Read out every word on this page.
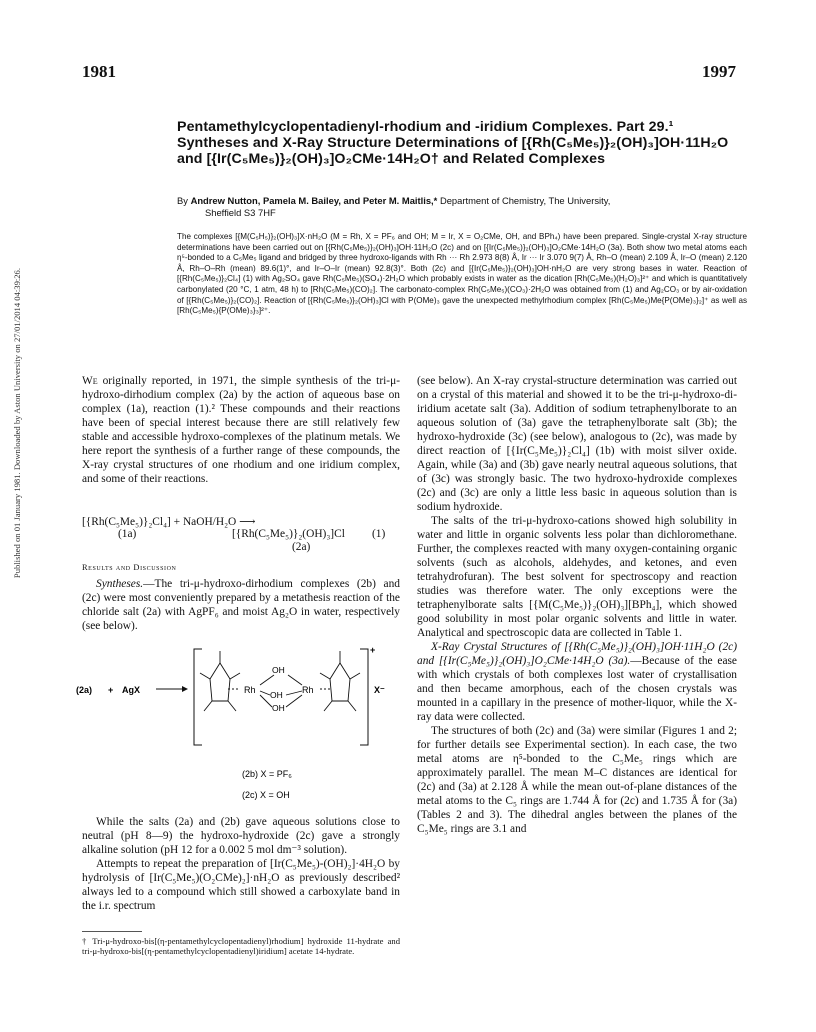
1981	1997
Published on 01 January 1981. Downloaded by Aston University on 27/01/2014 04:39:26.
Pentamethylcyclopentadienyl-rhodium and -iridium Complexes. Part 29.¹ Syntheses and X-Ray Structure Determinations of [{Rh(C₅Me₅)}₂(OH)₃]OH·11H₂O and [{Ir(C₅Me₅)}₂(OH)₃]O₂CMe·14H₂O† and Related Complexes
By Andrew Nutton, Pamela M. Bailey, and Peter M. Maitlis,* Department of Chemistry, The University,
Sheffield S3 7HF

The complexes [{M(C₅H₅)}₂(OH)₃]X·nH₂O (M = Rh, X = PF₆ and OH; M = Ir, X = O₂CMe, OH, and BPh₄) have been prepared. Single-crystal X-ray structure determinations have been carried out on [{Rh(C₅Me₅)}₂(OH)₃]OH·11H₂O (2c) and on [{Ir(C₅Me₅)}₂(OH)₃]O₂CMe·14H₂O (3a). Both show two metal atoms each η⁵-bonded to a C₅Me₅ ligand and bridged by three hydroxo-ligands with Rh ··· Rh 2.973 8(8) Å, Ir ··· Ir 3.070 9(7) Å, Rh–O (mean) 2.109 Å, Ir–O (mean) 2.120 Å, Rh–O–Rh (mean) 89.6(1)°, and Ir–O–Ir (mean) 92.8(3)°. Both (2c) and [{Ir(C₅Me₅)}₂(OH)₃]OH·nH₂O are very strong bases in water. Reaction of [{Rh(C₅Me₅)}₂Cl₄] (1) with Ag₂SO₄ gave Rh(C₅Me₅)(SO₄)·2H₂O which probably exists in water as the dication [Rh(C₅Me₅)(H₂O)₃]²⁺ and which is quantitatively carbonylated (20 °C, 1 atm, 48 h) to [Rh(C₅Me₅)(CO)₂]. The carbonato-complex Rh(C₅Me₅)(CO₃)·2H₂O was obtained from (1) and Ag₂CO₃ or by air-oxidation of [{Rh(C₅Me₅)}₂(CO)₂]. Reaction of [{Rh(C₅Me₅)}₂(OH)₃]Cl with P(OMe)₃ gave the unexpected methylrhodium complex [Rh(C₅Me₅)Me{P(OMe)₃}₂]⁺ as well as [Rh(C₅Me₅){P(OMe)₃}₃]²⁺.

We originally reported, in 1971, the simple synthesis of the tri-μ-hydroxo-dirhodium complex (2a) by the action of aqueous base on complex (1a), reaction (1).² These compounds and their reactions have been of special interest because there are still relatively few stable and accessible hydroxo-complexes of the platinum metals. We here report the synthesis of a further range of these compounds, the X-ray crystal structures of one rhodium and one iridium complex, and some of their reactions.

[{Rh(C₅Me₅)}₂Cl₄] + NaOH/H₂O ⟶
(1a)	[{Rh(C₅Me₅)}₂(OH)₃]Cl (1)
(2a)

Results and Discussion

Syntheses.—The tri-μ-hydroxo-dirhodium complexes (2b) and (2c) were most conveniently prepared by a metathesis reaction of the chloride salt (2a) with AgPF₆ and moist Ag₂O in water, respectively (see below).

(2a) + AgX
+
X⁻
Rh	Rh
OH
OH
OH
(2b) X = PF₆
(2c) X = OH

While the salts (2a) and (2b) gave aqueous solutions close to neutral (pH 8—9) the hydroxo-hydroxide (2c) gave a strongly alkaline solution (pH 12 for a 0.002 5 mol dm⁻³ solution).

Attempts to repeat the preparation of [Ir(C₅Me₅)-(OH)₂]·4H₂O by hydrolysis of [Ir(C₅Me₅)(O₂CMe)₂]·nH₂O as previously described² always led to a compound which still showed a carboxylate band in the i.r. spectrum

† Tri-μ-hydroxo-bis[(η-pentamethylcyclopentadienyl)rhodium] hydroxide 11-hydrate and tri-μ-hydroxo-bis[(η-pentamethylcyclopentadienyl)iridium] acetate 14-hydrate.

(see below). An X-ray crystal-structure determination was carried out on a crystal of this material and showed it to be the tri-μ-hydroxo-di-iridium acetate salt (3a). Addition of sodium tetraphenylborate to an aqueous solution of (3a) gave the tetraphenylborate salt (3b); the hydroxo-hydroxide (3c) (see below), analogous to (2c), was made by direct reaction of [{Ir(C₅Me₅)}₂Cl₄] (1b) with moist silver oxide. Again, while (3a) and (3b) gave nearly neutral aqueous solutions, that of (3c) was strongly basic. The two hydroxo-hydroxide complexes (2c) and (3c) are only a little less basic in aqueous solution than is sodium hydroxide.

The salts of the tri-μ-hydroxo-cations showed high solubility in water and little in organic solvents less polar than dichloromethane. Further, the complexes reacted with many oxygen-containing organic solvents (such as alcohols, aldehydes, and ketones, and even tetrahydrofuran). The best solvent for spectroscopy and reaction studies was therefore water. The only exceptions were the tetraphenylborate salts [{M(C₅Me₅)}₂(OH)₃][BPh₄], which showed good solubility in most polar organic solvents and little in water. Analytical and spectroscopic data are collected in Table 1.

X-Ray Crystal Structures of [{Rh(C₅Me₅)}₂(OH)₃]OH·11H₂O (2c) and [{Ir(C₅Me₅)}₂(OH)₃]O₂CMe·14H₂O (3a).—Because of the ease with which crystals of both complexes lost water of crystallisation and then became amorphous, each of the chosen crystals was mounted in a capillary in the presence of mother-liquor, while the X-ray data were collected.

The structures of both (2c) and (3a) were similar (Figures 1 and 2; for further details see Experimental section). In each case, the two metal atoms are η⁵-bonded to the C₅Me₅ rings which are approximately parallel. The mean M–C distances are identical for (2c) and (3a) at 2.128 Å while the mean out-of-plane distances of the metal atoms to the C₅ rings are 1.744 Å for (2c) and 1.735 Å for (3a) (Tables 2 and 3). The dihedral angles between the planes of the C₅Me₅ rings are 3.1 and
